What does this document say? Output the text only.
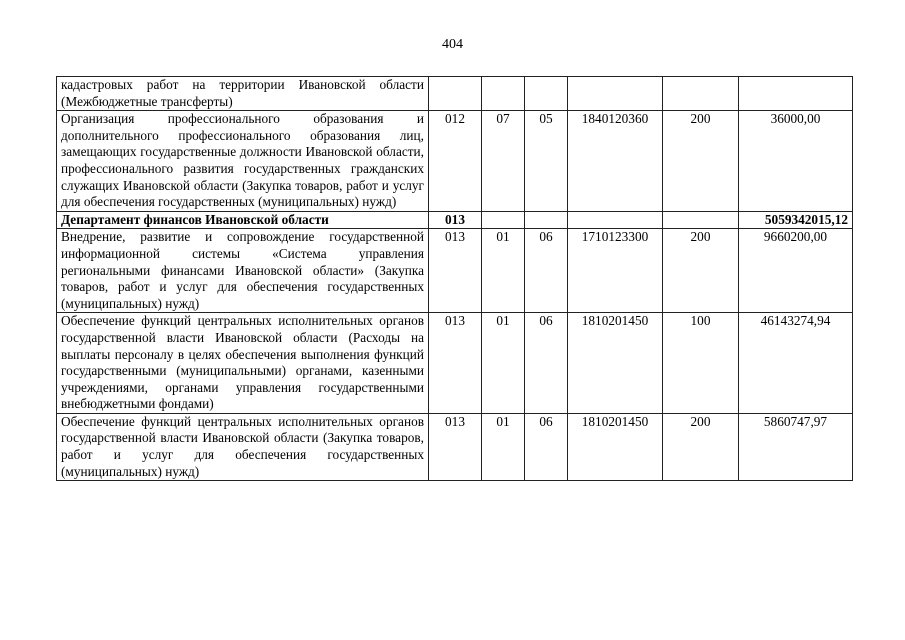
404
кадастровых работ на территории Ивановской области (Межбюджетные трансферты)						
Организация профессионального образования и дополнительного профессионального образования лиц, замещающих государственные должности Ивановской области, профессионального развития государственных гражданских служащих Ивановской области (Закупка товаров, работ и услуг для обеспечения государственных (муниципальных) нужд)	012	07	05	1840120360	200	36000,00
Департамент финансов Ивановской области	013					5059342015,12
Внедрение, развитие и сопровождение государственной информационной системы «Система управления региональными финансами Ивановской области» (Закупка товаров, работ и услуг для обеспечения государственных (муниципальных) нужд)	013	01	06	1710123300	200	9660200,00
Обеспечение функций центральных исполнительных органов государственной власти Ивановской области (Расходы на выплаты персоналу в целях обеспечения выполнения функций государственными (муниципальными) органами, казенными учреждениями, органами управления государственными внебюджетными фондами)	013	01	06	1810201450	100	46143274,94
Обеспечение функций центральных исполнительных органов государственной власти Ивановской области (Закупка товаров, работ и услуг для обеспечения государственных (муниципальных) нужд)	013	01	06	1810201450	200	5860747,97
